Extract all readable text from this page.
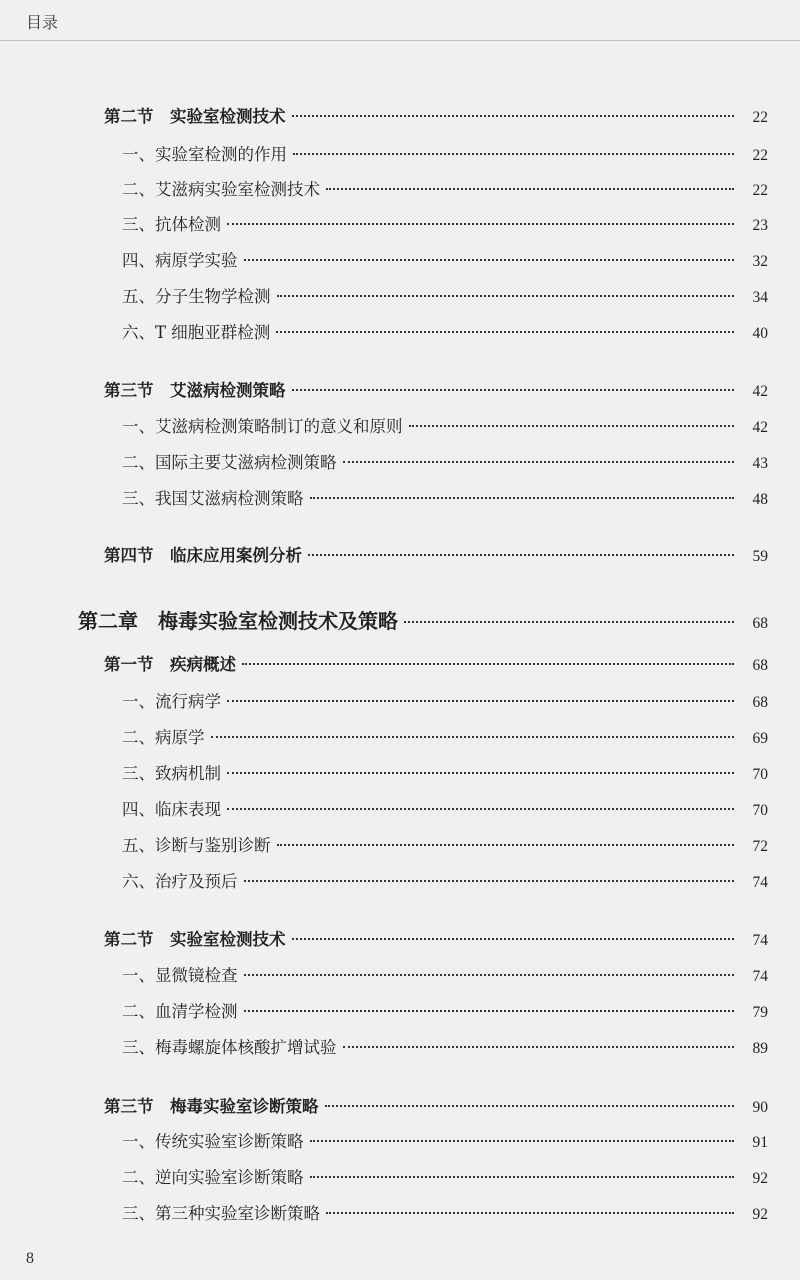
目录
第二节　实验室检测技术	22
一、实验室检测的作用	22
二、艾滋病实验室检测技术	22
三、抗体检测	23
四、病原学实验	32
五、分子生物学检测	34
六、T 细胞亚群检测	40
第三节　艾滋病检测策略	42
一、艾滋病检测策略制订的意义和原则	42
二、国际主要艾滋病检测策略	43
三、我国艾滋病检测策略	48
第四节　临床应用案例分析	59
第二章　梅毒实验室检测技术及策略	68
第一节　疾病概述	68
一、流行病学	68
二、病原学	69
三、致病机制	70
四、临床表现	70
五、诊断与鉴别诊断	72
六、治疗及预后	74
第二节　实验室检测技术	74
一、显微镜检查	74
二、血清学检测	79
三、梅毒螺旋体核酸扩增试验	89
第三节　梅毒实验室诊断策略	90
一、传统实验室诊断策略	91
二、逆向实验室诊断策略	92
三、第三种实验室诊断策略	92
8
